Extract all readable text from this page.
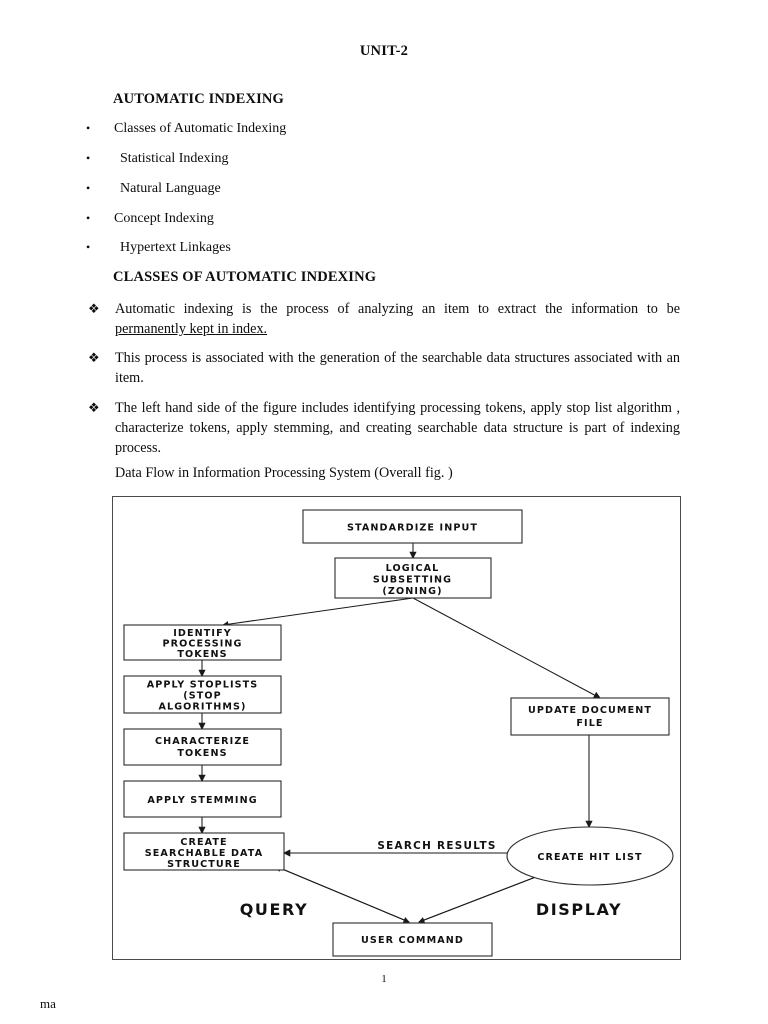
UNIT-2
AUTOMATIC INDEXING
•	Classes of Automatic Indexing
•	Statistical Indexing
•	Natural Language
•	Concept Indexing
•	Hypertext Linkages
CLASSES OF AUTOMATIC INDEXING
❖ Automatic indexing is the process of analyzing an item to extract the information to be permanently kept in index.
❖ This process is associated with the generation of the searchable data structures associated with an item.
❖ The left hand side of the figure includes identifying processing tokens, apply stop list algorithm , characterize tokens, apply stemming, and creating searchable data structure is part of indexing process.
Data Flow in Information Processing System (Overall fig. )
STANDARDIZE INPUT
LOGICAL
SUBSETTING
(ZONING)
IDENTIFY
PROCESSING
TOKENS
APPLY STOPLISTS
(STOP
ALGORITHMS)
CHARACTERIZE
TOKENS
APPLY STEMMING
CREATE
SEARCHABLE DATA
STRUCTURE
UPDATE DOCUMENT
FILE
CREATE HIT LIST
USER COMMAND
SEARCH RESULTS
QUERY	DISPLAY
1
ma
